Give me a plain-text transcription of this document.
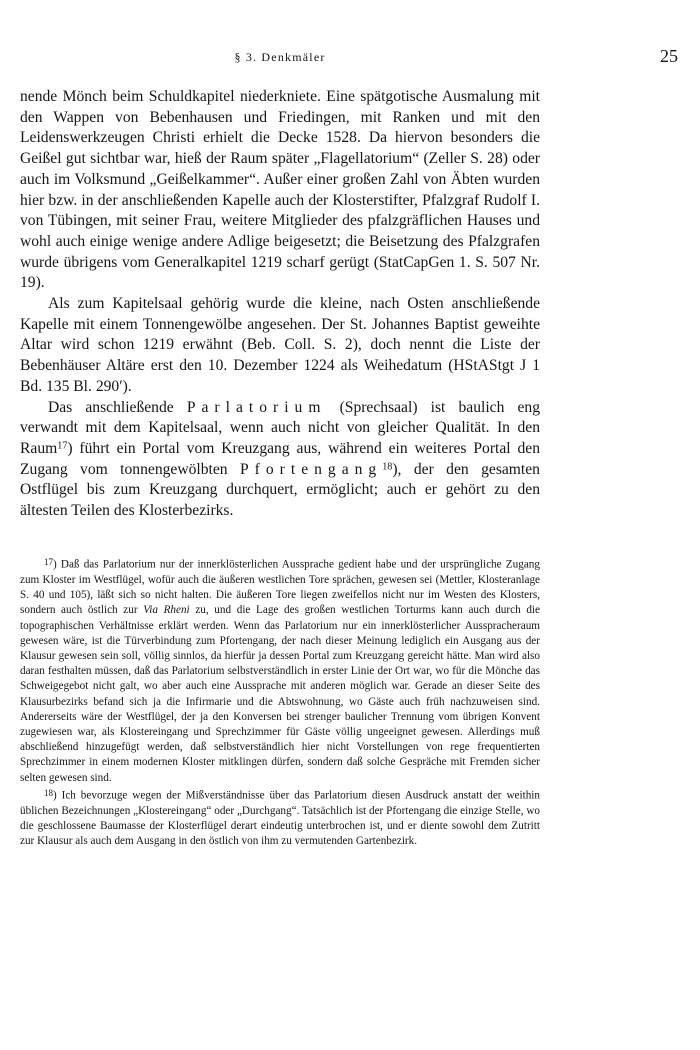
§ 3. Denkmäler	25

nende Mönch beim Schuldkapitel niederkniete. Eine spätgotische Ausmalung mit den Wappen von Bebenhausen und Friedingen, mit Ranken und mit den Leidenswerkzeugen Christi erhielt die Decke 1528. Da hiervon besonders die Geißel gut sichtbar war, hieß der Raum später „Flagellatorium“ (Zeller S. 28) oder auch im Volksmund „Geißelkammer“. Außer einer großen Zahl von Äbten wurden hier bzw. in der anschließenden Kapelle auch der Klosterstifter, Pfalzgraf Rudolf I. von Tübingen, mit seiner Frau, weitere Mitglieder des pfalzgräflichen Hauses und wohl auch einige wenige andere Adlige beigesetzt; die Beisetzung des Pfalzgrafen wurde übrigens vom Generalkapitel 1219 scharf gerügt (StatCapGen 1. S. 507 Nr. 19).

Als zum Kapitelsaal gehörig wurde die kleine, nach Osten anschließende Kapelle mit einem Tonnengewölbe angesehen. Der St. Johannes Baptist geweihte Altar wird schon 1219 erwähnt (Beb. Coll. S. 2), doch nennt die Liste der Bebenhäuser Altäre erst den 10. Dezember 1224 als Weihedatum (HStAStgt J 1 Bd. 135 Bl. 290′).

Das anschließende Parlatorium (Sprechsaal) ist baulich eng verwandt mit dem Kapitelsaal, wenn auch nicht von gleicher Qualität. In den Raum$^{17}$) führt ein Portal vom Kreuzgang aus, während ein weiteres Portal den Zugang vom tonnengewölbten Pfortengang$^{18}$), der den gesamten Ostflügel bis zum Kreuzgang durchquert, ermöglicht; auch er gehört zu den ältesten Teilen des Klosterbezirks.

$^{17}$) Daß das Parlatorium nur der innerklösterlichen Aussprache gedient habe und der ursprüngliche Zugang zum Kloster im Westflügel, wofür auch die äußeren westlichen Tore sprächen, gewesen sei (Mettler, Klosteranlage S. 40 und 105), läßt sich so nicht halten. Die äußeren Tore liegen zweifellos nicht nur im Westen des Klosters, sondern auch östlich zur Via Rheni zu, und die Lage des großen westlichen Torturms kann auch durch die topographischen Verhältnisse erklärt werden. Wenn das Parlatorium nur ein innerklösterlicher Ausspracheraum gewesen wäre, ist die Türverbindung zum Pfortengang, der nach dieser Meinung lediglich ein Ausgang aus der Klausur gewesen sein soll, völlig sinnlos, da hierfür ja dessen Portal zum Kreuzgang gereicht hätte. Man wird also daran festhalten müssen, daß das Parlatorium selbstverständlich in erster Linie der Ort war, wo für die Mönche das Schweigegebot nicht galt, wo aber auch eine Aussprache mit anderen möglich war. Gerade an dieser Seite des Klausurbezirks befand sich ja die Infirmarie und die Abtswohnung, wo Gäste auch früh nachzuweisen sind. Andererseits wäre der Westflügel, der ja den Konversen bei strenger baulicher Trennung vom übrigen Konvent zugewiesen war, als Klostereingang und Sprechzimmer für Gäste völlig ungeeignet gewesen. Allerdings muß abschließend hinzugefügt werden, daß selbstverständlich hier nicht Vorstellungen von rege frequentierten Sprechzimmer in einem modernen Kloster mitklingen dürfen, sondern daß solche Gespräche mit Fremden sicher selten gewesen sind.

$^{18}$) Ich bevorzuge wegen der Mißverständnisse über das Parlatorium diesen Ausdruck anstatt der weithin üblichen Bezeichnungen „Klostereingang“ oder „Durchgang“. Tatsächlich ist der Pfortengang die einzige Stelle, wo die geschlossene Baumasse der Klosterflügel derart eindeutig unterbrochen ist, und er diente sowohl dem Zutritt zur Klausur als auch dem Ausgang in den östlich von ihm zu vermutenden Gartenbezirk.
